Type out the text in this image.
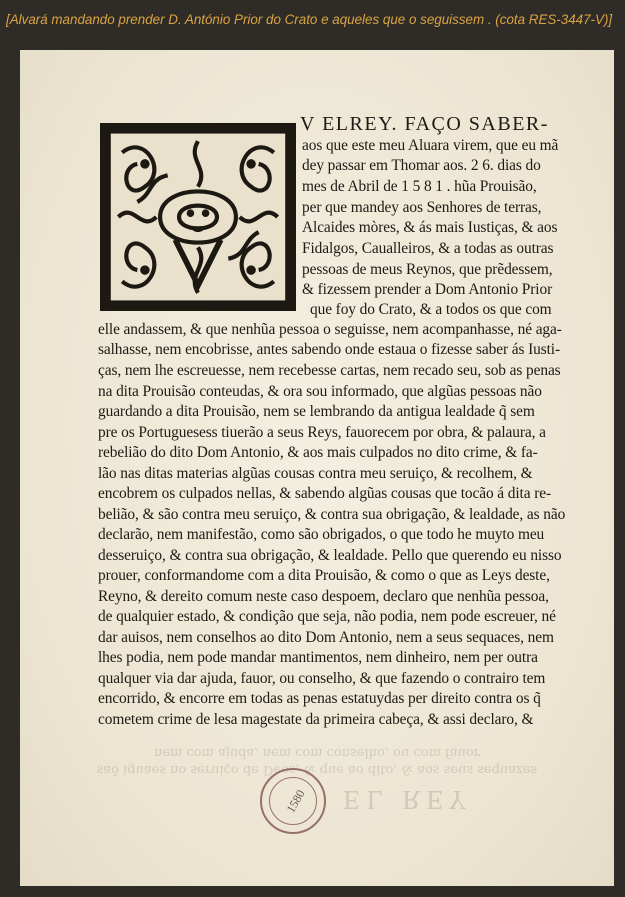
[Alvará mandando prender D. António Prior do Crato e aqueles que o seguissem . (cota RES-3447-V)]
nem com ajuda, nem com conselho, ou com fauor
saõ iguaes no seruiço de Deos, & que ao dito, & aos seus sequazes
EL REY
V ELREY. FAÇO SABER-
aos que este meu Aluara virem, que eu mã
dey passar em Thomar aos. 2 6. dias do
mes de Abril de 1 5 8 1 . hũa Prouisão,
per que mandey aos Senhores de terras,
Alcaides mòres, & ás mais Iustiças, & aos
Fidalgos, Caualleiros, & a todas as outras
pessoas de meus Reynos, que prẽdessem,
& fizessem prender a Dom Antonio Prior
que foy do Crato, & a todos os que com
elle andassem, & que nenhũa pessoa o seguisse, nem acompanhasse, né aga-
salhasse, nem encobrisse, antes sabendo onde estaua o fizesse saber ás Iusti-
ças, nem lhe escreuesse, nem recebesse cartas, nem recado seu, sob as penas
na dita Prouisão conteudas, & ora sou informado, que algũas pessoas não
guardando a dita Prouisão, nem se lembrando da antigua lealdade q̃ sem
pre os Portuguesess tiuerão a seus Reys, fauorecem por obra, & palaura, a
rebelião do dito Dom Antonio, & aos mais culpados no dito crime, & fa-
lão nas ditas materias algũas cousas contra meu seruiço, & recolhem, &
encobrem os culpados nellas, & sabendo algũas cousas que tocão á dita re-
belião, & são contra meu seruiço, & contra sua obrigação, & lealdade, as não
declarão, nem manifestão, como são obrigados, o que todo he muyto meu
desseruiço, & contra sua obrigação, & lealdade. Pello que querendo eu nisso
prouer, conformandome com a dita Prouisão, & como o que as Leys deste,
Reyno, & dereito comum neste caso despoem, declaro que nenhũa pessoa,
de qualquier estado, & condição que seja, não podia, nem pode escreuer, né
dar auisos, nem conselhos ao dito Dom Antonio, nem a seus sequaces, nem
lhes podia, nem pode mandar mantimentos, nem dinheiro, nem per outra
qualquer via dar ajuda, fauor, ou conselho, & que fazendo o contrairo tem
encorrido, & encorre em todas as penas estatuydas per direito contra os q̃
cometem crime de lesa magestate da primeira cabeça, & assi declaro, &
1580
